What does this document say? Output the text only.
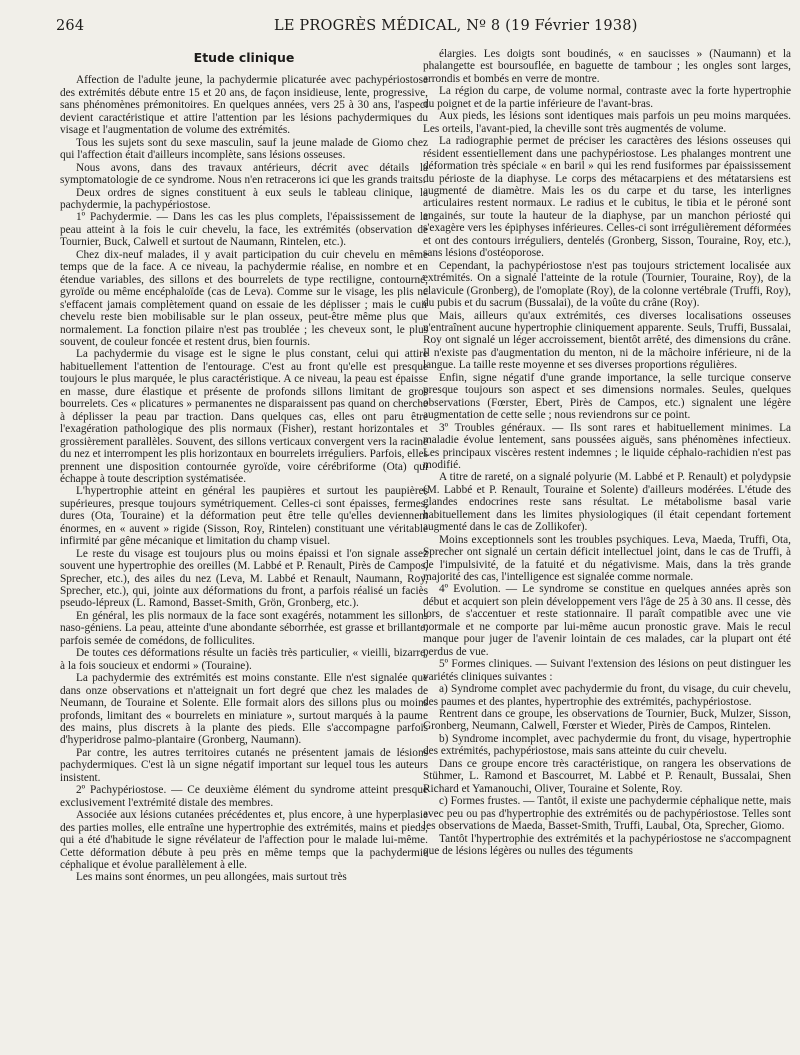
264	LE PROGRÈS MÉDICAL, Nº 8 (19 Février 1938)
Etude clinique

Affection de l'adulte jeune, la pachydermie plicaturée avec pachypériostose des extrémités débute entre 15 et 20 ans, de façon insidieuse, lente, progressive, sans phénomènes prémonitoires. En quelques années, vers 25 à 30 ans, l'aspect devient caractéristique et attire l'attention par les lésions pachydermiques du visage et l'augmentation de volume des extrémités.

Tous les sujets sont du sexe masculin, sauf la jeune malade de Giomo chez qui l'affection était d'ailleurs incomplète, sans lésions osseuses.

Nous avons, dans des travaux antérieurs, décrit avec détails la symptomatologie de ce syndrome. Nous n'en retracerons ici que les grands traits.

Deux ordres de signes constituent à eux seuls le tableau clinique, la pachydermie, la pachypériostose.

1º Pachydermie. — Dans les cas les plus complets, l'épaississement de la peau atteint à la fois le cuir chevelu, la face, les extrémités (observation de Tournier, Buck, Calwell et surtout de Naumann, Rintelen, etc.).

Chez dix-neuf malades, il y avait participation du cuir chevelu en même temps que de la face. A ce niveau, la pachydermie réalise, en nombre et en étendue variables, des sillons et des bourrelets de type rectiligne, contourné, gyroïde ou même encéphaloïde (cas de Leva). Comme sur le visage, les plis ne s'effacent jamais complètement quand on essaie de les déplisser ; mais le cuir chevelu reste bien mobilisable sur le plan osseux, peut-être même plus que normalement. La fonction pilaire n'est pas troublée ; les cheveux sont, le plus souvent, de couleur foncée et restent drus, bien fournis.

La pachydermie du visage est le signe le plus constant, celui qui attire habituellement l'attention de l'entourage. C'est au front qu'elle est presque toujours le plus marquée, le plus caractéristique. A ce niveau, la peau est épaisse en masse, dure élastique et présente de profonds sillons limitant de gros bourrelets. Ces « plicatures » permanentes ne disparaissent pas quand on cherche à déplisser la peau par traction. Dans quelques cas, elles ont paru être l'exagération pathologique des plis normaux (Fisher), restant horizontales et grossièrement parallèles. Souvent, des sillons verticaux convergent vers la racine du nez et interrompent les plis horizontaux en bourrelets irréguliers. Parfois, elles prennent une disposition contournée gyroïde, voire cérébriforme (Ota) qui échappe à toute description systématisée.

L'hypertrophie atteint en général les paupières et surtout les paupières supérieures, presque toujours symétriquement. Celles-ci sont épaisses, fermes, dures (Ota, Touraine) et la déformation peut être telle qu'elles deviennent énormes, en « auvent » rigide (Sisson, Roy, Rintelen) constituant une véritable infirmité par gêne mécanique et limitation du champ visuel.

Le reste du visage est toujours plus ou moins épaissi et l'on signale assez souvent une hypertrophie des oreilles (M. Labbé et P. Renault, Pirès de Campos, Sprecher, etc.), des ailes du nez (Leva, M. Labbé et Renault, Naumann, Roy, Sprecher, etc.), qui, jointe aux déformations du front, a parfois réalisé un faciès pseudo-lépreux (L. Ramond, Basset-Smith, Grön, Gronberg, etc.).

En général, les plis normaux de la face sont exagérés, notamment les sillons naso-géniens. La peau, atteinte d'une abondante séborrhée, est grasse et brillante, parfois semée de comédons, de folliculites.

De toutes ces déformations résulte un faciès très particulier, « vieilli, bizarre, à la fois soucieux et endormi » (Touraine).

La pachydermie des extrémités est moins constante. Elle n'est signalée que dans onze observations et n'atteignait un fort degré que chez les malades de Neumann, de Touraine et Solente. Elle formait alors des sillons plus ou moins profonds, limitant des « bourrelets en miniature », surtout marqués à la paume des mains, plus discrets à la plante des pieds. Elle s'accompagne parfois d'hyperidrose palmo-plantaire (Gronberg, Naumann).

Par contre, les autres territoires cutanés ne présentent jamais de lésions pachydermiques. C'est là un signe négatif important sur lequel tous les auteurs insistent.

2º Pachypériostose. — Ce deuxième élément du syndrome atteint presque exclusivement l'extrémité distale des membres.

Associée aux lésions cutanées précédentes et, plus encore, à une hyperplasie des parties molles, elle entraîne une hypertrophie des extrémités, mains et pieds, qui a été d'habitude le signe révélateur de l'affection pour le malade lui-même. Cette déformation débute à peu près en même temps que la pachydermie céphalique et évolue parallèlement à elle.

Les mains sont énormes, un peu allongées, mais surtout très

élargies. Les doigts sont boudinés, « en saucisses » (Naumann) et la phalangette est boursouflée, en baguette de tambour ; les ongles sont larges, arrondis et bombés en verre de montre.

La région du carpe, de volume normal, contraste avec la forte hypertrophie du poignet et de la partie inférieure de l'avant-bras.

Aux pieds, les lésions sont identiques mais parfois un peu moins marquées. Les orteils, l'avant-pied, la cheville sont très augmentés de volume.

La radiographie permet de préciser les caractères des lésions osseuses qui résident essentiellement dans une pachypériostose. Les phalanges montrent une déformation très spéciale « en baril » qui les rend fusiformes par épaississement du périoste de la diaphyse. Le corps des métacarpiens et des métatarsiens est augmenté de diamètre. Mais les os du carpe et du tarse, les interlignes articulaires restent normaux. Le radius et le cubitus, le tibia et le péroné sont engainés, sur toute la hauteur de la diaphyse, par un manchon périosté qui s'exagère vers les épiphyses inférieures. Celles-ci sont irrégulièrement déformées et ont des contours irréguliers, dentelés (Gronberg, Sisson, Touraine, Roy, etc.), sans lésions d'ostéoporose.

Cependant, la pachypériostose n'est pas toujours strictement localisée aux extrémités. On a signalé l'atteinte de la rotule (Tournier, Touraine, Roy), de la clavicule (Gronberg), de l'omoplate (Roy), de la colonne vertébrale (Truffi, Roy), du pubis et du sacrum (Bussalai), de la voûte du crâne (Roy).

Mais, ailleurs qu'aux extrémités, ces diverses localisations osseuses n'entraînent aucune hypertrophie cliniquement apparente. Seuls, Truffi, Bussalai, Roy ont signalé un léger accroissement, bientôt arrêté, des dimensions du crâne. Il n'existe pas d'augmentation du menton, ni de la mâchoire inférieure, ni de la langue. La taille reste moyenne et ses diverses proportions régulières.

Enfin, signe négatif d'une grande importance, la selle turcique conserve presque toujours son aspect et ses dimensions normales. Seules, quelques observations (Fœrster, Ebert, Pirès de Campos, etc.) signalent une légère augmentation de cette selle ; nous reviendrons sur ce point.

3º Troubles généraux. — Ils sont rares et habituellement minimes. La maladie évolue lentement, sans poussées aiguës, sans phénomènes infectieux. Les principaux viscères restent indemnes ; le liquide céphalo-rachidien n'est pas modifié.

A titre de rareté, on a signalé polyurie (M. Labbé et P. Renault) et polydypsie (M. Labbé et P. Renault, Touraine et Solente) d'ailleurs modérées. L'étude des glandes endocrines reste sans résultat. Le métabolisme basal varie habituellement dans les limites physiologiques (il était cependant fortement augmenté dans le cas de Zollikofer).

Moins exceptionnels sont les troubles psychiques. Leva, Maeda, Truffi, Ota, Sprecher ont signalé un certain déficit intellectuel joint, dans le cas de Truffi, à de l'impulsivité, de la fatuité et du négativisme. Mais, dans la très grande majorité des cas, l'intelligence est signalée comme normale.

4º Evolution. — Le syndrome se constitue en quelques années après son début et acquiert son plein développement vers l'âge de 25 à 30 ans. Il cesse, dès lors, de s'accentuer et reste stationnaire. Il paraît compatible avec une vie normale et ne comporte par lui-même aucun pronostic grave. Mais le recul manque pour juger de l'avenir lointain de ces malades, car la plupart ont été perdus de vue.

5º Formes cliniques. — Suivant l'extension des lésions on peut distinguer les variétés cliniques suivantes :

a) Syndrome complet avec pachydermie du front, du visage, du cuir chevelu, des paumes et des plantes, hypertrophie des extrémités, pachypériostose.

Rentrent dans ce groupe, les observations de Tournier, Buck, Mulzer, Sisson, Gronberg, Neumann, Calwell, Fœrster et Wieder, Pirès de Campos, Rintelen.

b) Syndrome incomplet, avec pachydermie du front, du visage, hypertrophie des extrémités, pachypériostose, mais sans atteinte du cuir chevelu.

Dans ce groupe encore très caractéristique, on rangera les observations de Stühmer, L. Ramond et Bascourret, M. Labbé et P. Renault, Bussalai, Shen Richard et Yamanouchi, Oliver, Touraine et Solente, Roy.

c) Formes frustes. — Tantôt, il existe une pachydermie céphalique nette, mais avec peu ou pas d'hypertrophie des extrémités ou de pachypériostose. Telles sont les observations de Maeda, Basset-Smith, Truffi, Laubal, Ota, Sprecher, Giomo.

Tantôt l'hypertrophie des extrémités et la pachypériostose ne s'accompagnent que de lésions légères ou nulles des téguments
